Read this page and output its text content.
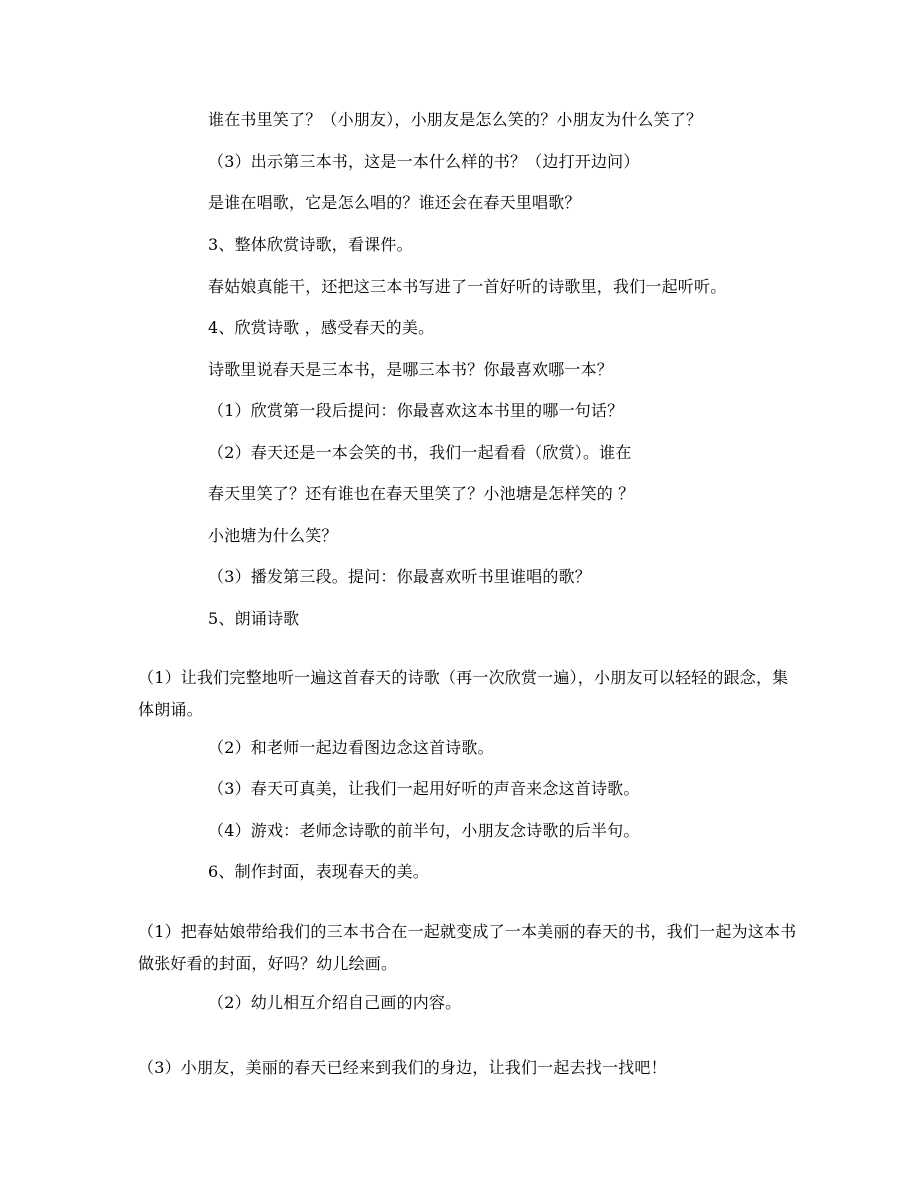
谁在书里笑了？（小朋友），小朋友是怎么笑的？小朋友为什么笑了？
（3）出示第三本书，这是一本什么样的书？（边打开边问）
是谁在唱歌，它是怎么唱的？谁还会在春天里唱歌？
3、整体欣赏诗歌，看课件。
春姑娘真能干，还把这三本书写进了一首好听的诗歌里，我们一起听听。
4、欣赏诗歌 ，感受春天的美。
诗歌里说春天是三本书，是哪三本书？你最喜欢哪一本？
（1）欣赏第一段后提问：你最喜欢这本书里的哪一句话？
（2）春天还是一本会笑的书，我们一起看看（欣赏）。谁在
春天里笑了？还有谁也在春天里笑了？小池塘是怎样笑的 ？
小池塘为什么笑？
（3）播发第三段。提问：你最喜欢听书里谁唱的歌？
5、朗诵诗歌
（1）让我们完整地听一遍这首春天的诗歌（再一次欣赏一遍），小朋友可以轻轻的跟念，集体朗诵。
（2）和老师一起边看图边念这首诗歌。
（3）春天可真美，让我们一起用好听的声音来念这首诗歌。
（4）游戏：老师念诗歌的前半句，小朋友念诗歌的后半句。
6、制作封面，表现春天的美。
（1）把春姑娘带给我们的三本书合在一起就变成了一本美丽的春天的书，我们一起为这本书做张好看的封面，好吗？幼儿绘画。
（2）幼儿相互介绍自己画的内容。
（3）小朋友，美丽的春天已经来到我们的身边，让我们一起去找一找吧！
